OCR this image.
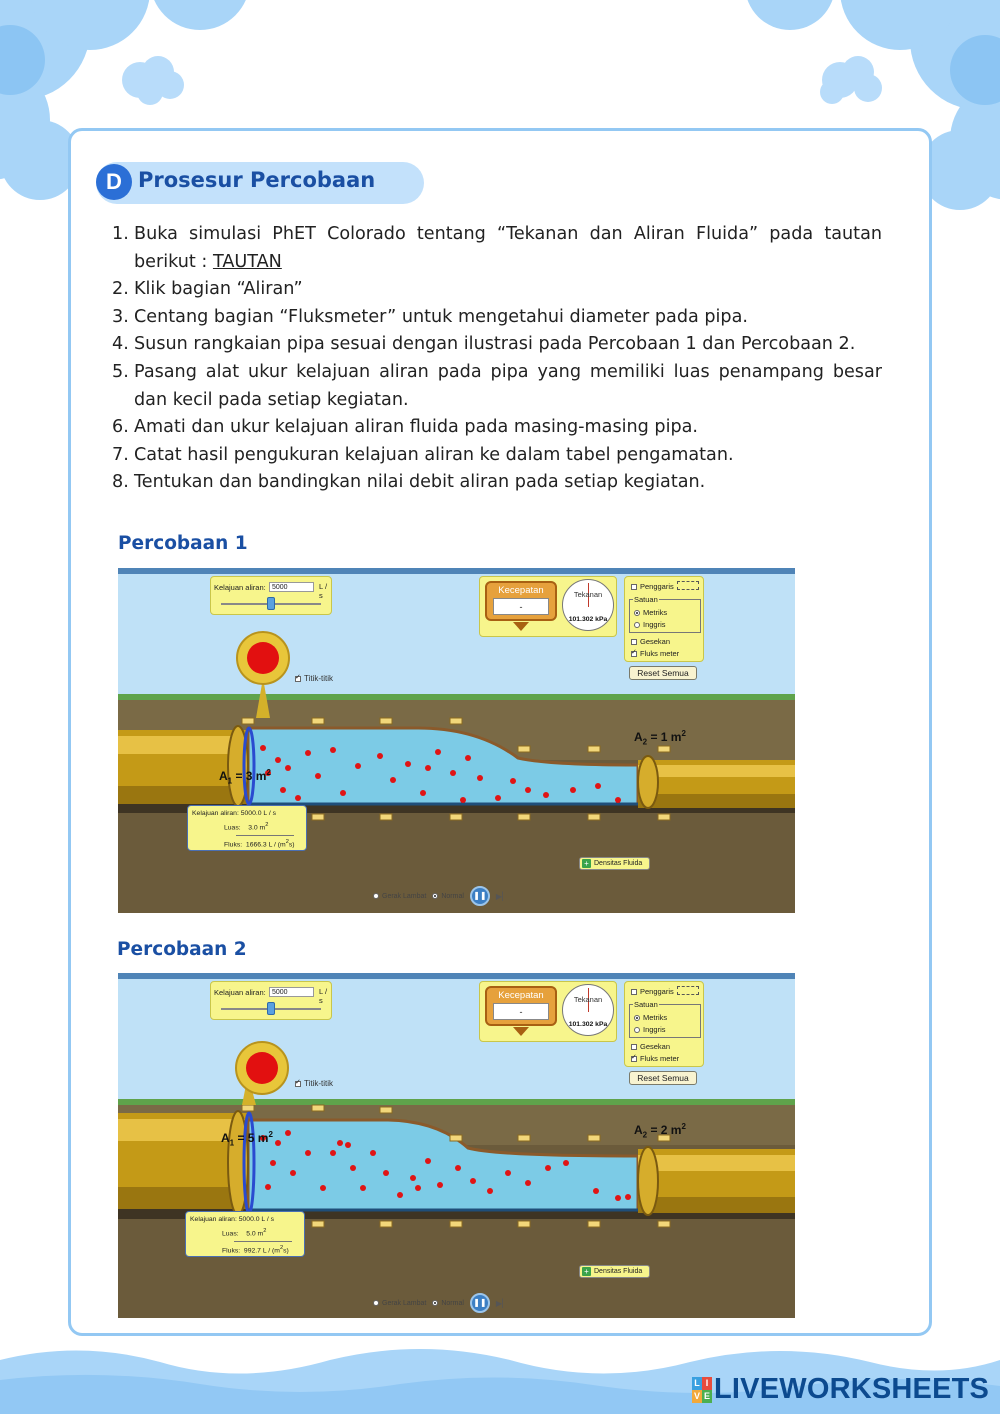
D Prosesur Percobaan
1. Buka simulasi PhET Colorado tentang “Tekanan dan Aliran Fluida” pada tautan berikut : TAUTAN
2. Klik bagian “Aliran”
3. Centang bagian “Fluksmeter” untuk mengetahui diameter pada pipa.
4. Susun rangkaian pipa sesuai dengan ilustrasi pada Percobaan 1 dan Percobaan 2.
5. Pasang alat ukur kelajuan aliran pada pipa yang memiliki luas penampang besar dan kecil pada setiap kegiatan.
6. Amati dan ukur kelajuan aliran fluida pada masing-masing pipa.
7. Catat hasil pengukuran kelajuan aliran ke dalam tabel pengamatan.
8. Tentukan dan bandingkan nilai debit aliran pada setiap kegiatan.
Percobaan 1
Kelajuan aliran: 5000	L / s	Kecepatan
-
Tekanan
101.302 kPa
Penggaris
Satuan
Metriks
Inggris
Gesekan
✓
Fluks meter
Reset Semua
✓
Titik-titik
$A_1 = 3$ $m^2$
$A_2 = 1$ $m^2$
Kelajuan aliran: 5000.0 L / s
Luas: 3.0 $m^2$
Fluks: 1666.3 L / $(m^2s)$
+ Densitas Fluida
Gerak Lambat Normal	❚❚	▶▏
Percobaan 2
Kelajuan aliran: 5000	L / s	Kecepatan
-
Tekanan
101.302 kPa
Penggaris
Satuan
Metriks
Inggris
Gesekan
✓
Fluks meter
Reset Semua
✓
Titik-titik
$A_1 = 5$ $m^2$	$A_2 = 2$ $m^2$
Kelajuan aliran: 5000.0 L / s
Luas: 5.0 $m^2$
Fluks: 992.7 L / $(m^2s)$
+ Densitas Fluida
Gerak Lambat Normal	❚❚	▶▏
L I
V E LIVEWORKSHEETS
